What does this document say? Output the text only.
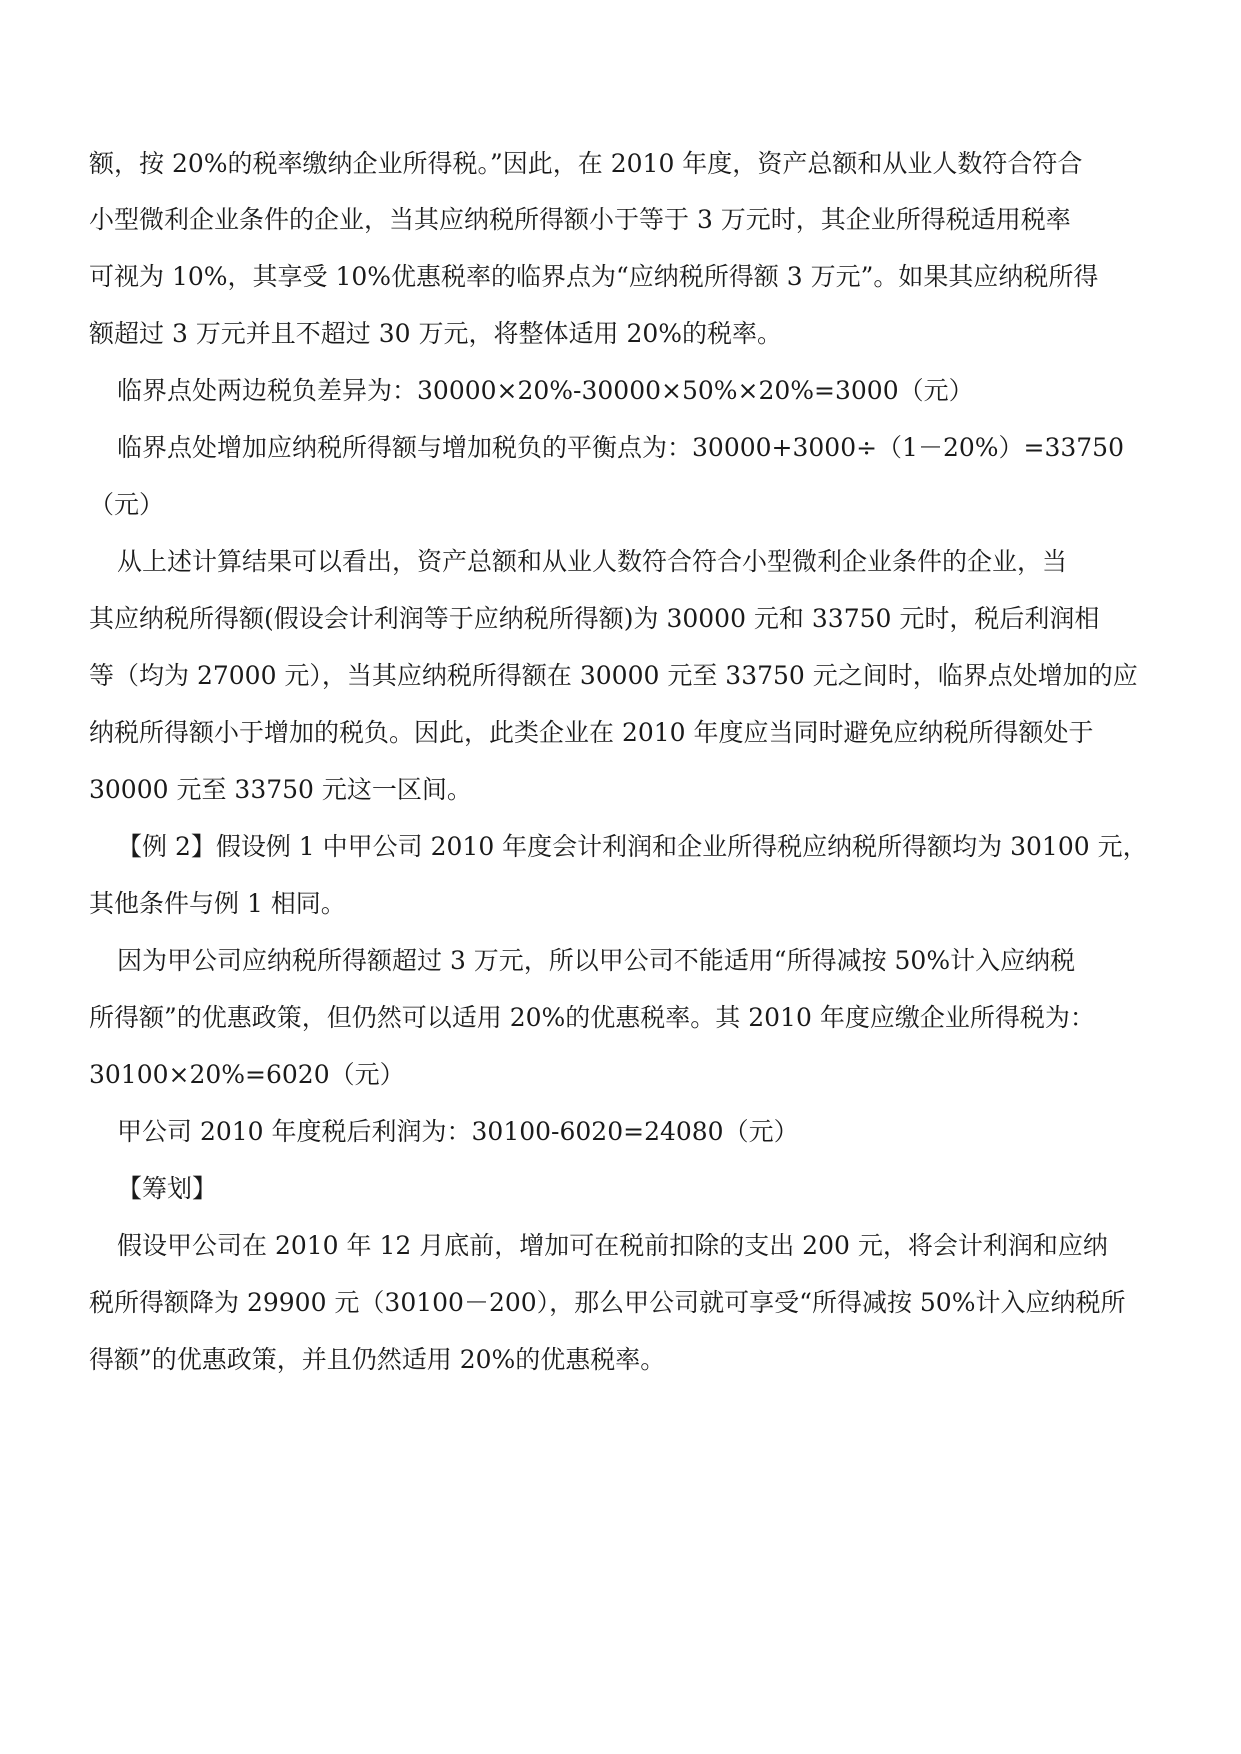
额，按 20%的税率缴纳企业所得税。”因此，在 2010 年度，资产总额和从业人数符合符合
小型微利企业条件的企业，当其应纳税所得额小于等于 3 万元时，其企业所得税适用税率
可视为 10%，其享受 10%优惠税率的临界点为“应纳税所得额 3 万元”。如果其应纳税所得
额超过 3 万元并且不超过 30 万元，将整体适用 20%的税率。
临界点处两边税负差异为：30000×20%-30000×50%×20%=3000（元）
临界点处增加应纳税所得额与增加税负的平衡点为：30000+3000÷（1－20%）=33750
（元）
从上述计算结果可以看出，资产总额和从业人数符合符合小型微利企业条件的企业，当
其应纳税所得额(假设会计利润等于应纳税所得额)为 30000 元和 33750 元时，税后利润相
等（均为 27000 元），当其应纳税所得额在 30000 元至 33750 元之间时，临界点处增加的应
纳税所得额小于增加的税负。因此，此类企业在 2010 年度应当同时避免应纳税所得额处于
30000 元至 33750 元这一区间。
【例 2】假设例 1 中甲公司 2010 年度会计利润和企业所得税应纳税所得额均为 30100 元，
其他条件与例 1 相同。
因为甲公司应纳税所得额超过 3 万元，所以甲公司不能适用“所得减按 50%计入应纳税
所得额”的优惠政策，但仍然可以适用 20%的优惠税率。其 2010 年度应缴企业所得税为：
30100×20%=6020（元）
甲公司 2010 年度税后利润为：30100-6020=24080（元）
【筹划】
假设甲公司在 2010 年 12 月底前，增加可在税前扣除的支出 200 元，将会计利润和应纳
税所得额降为 29900 元（30100－200），那么甲公司就可享受“所得减按 50%计入应纳税所
得额”的优惠政策，并且仍然适用 20%的优惠税率。
